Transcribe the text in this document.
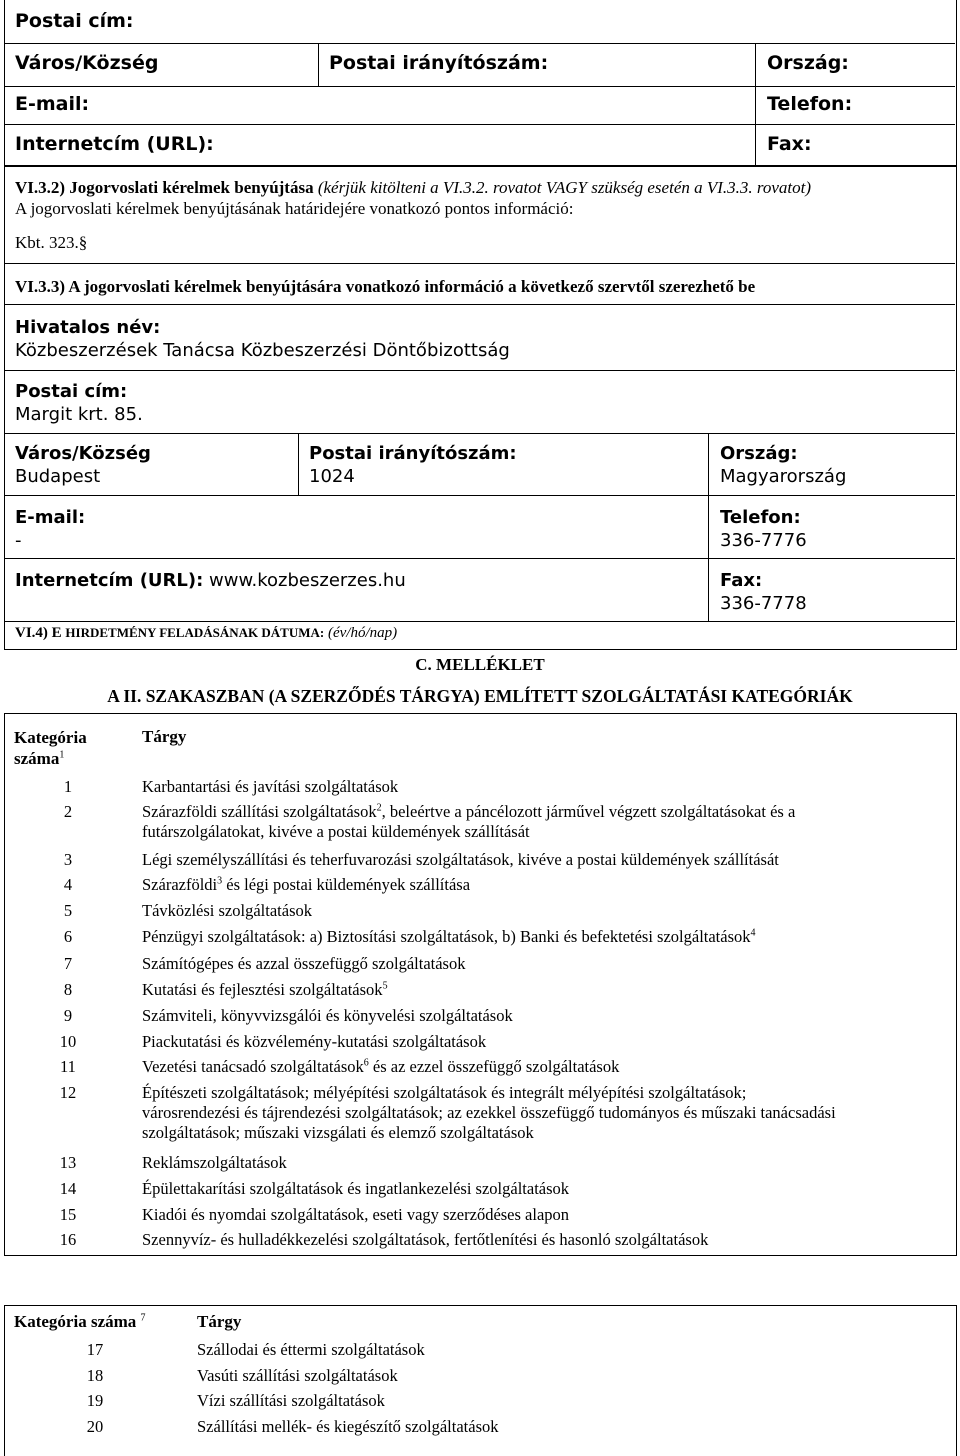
Postai cím:
Város/Község	Postai irányítószám:	Ország:
E-mail:	Telefon:
Internetcím (URL):	Fax:
VI.3.2) Jogorvoslati kérelmek benyújtása (kérjük kitölteni a VI.3.2. rovatot VAGY szükség esetén a VI.3.3. rovatot)
A jogorvoslati kérelmek benyújtásának határidejére vonatkozó pontos információ:
Kbt. 323.§
VI.3.3) A jogorvoslati kérelmek benyújtására vonatkozó információ a következő szervtől szerezhető be
Hivatalos név:
Közbeszerzések Tanácsa Közbeszerzési Döntőbizottság
Postai cím:
Margit krt. 85.
Város/Község
Budapest
Postai irányítószám:
1024
Ország:
Magyarország
E-mail:
-
Telefon:
336-7776
Internetcím (URL): www.kozbeszerzes.hu	Fax:
336-7778
VI.4) E HIRDETMÉNY FELADÁSÁNAK DÁTUMA: (év/hó/nap)
C. MELLÉKLET
A II. SZAKASZBAN (A SZERZŐDÉS TÁRGYA) EMLÍTETT SZOLGÁLTATÁSI KATEGÓRIÁK
Kategória
száma$^1$
Tárgy
1	Karbantartási és javítási szolgáltatások
2	Szárazföldi szállítási szolgáltatások$^2$, beleértve a páncélozott járművel végzett szolgáltatásokat és a
futárszolgálatokat, kivéve a postai küldemények szállítását
3	Légi személyszállítási és teherfuvarozási szolgáltatások, kivéve a postai küldemények szállítását
4	Szárazföldi$^3$ és légi postai küldemények szállítása
5	Távközlési szolgáltatások
6	Pénzügyi szolgáltatások: a) Biztosítási szolgáltatások, b) Banki és befektetési szolgáltatások$^4$
7	Számítógépes és azzal összefüggő szolgáltatások
8	Kutatási és fejlesztési szolgáltatások$^5$
9	Számviteli, könyvvizsgálói és könyvelési szolgáltatások
10	Piackutatási és közvélemény-kutatási szolgáltatások
11	Vezetési tanácsadó szolgáltatások$^6$ és az ezzel összefüggő szolgáltatások
12	Építészeti szolgáltatások; mélyépítési szolgáltatások és integrált mélyépítési szolgáltatások;
városrendezési és tájrendezési szolgáltatások; az ezekkel összefüggő tudományos és műszaki tanácsadási
szolgáltatások; műszaki vizsgálati és elemző szolgáltatások
13	Reklámszolgáltatások
14	Épülettakarítási szolgáltatások és ingatlankezelési szolgáltatások
15	Kiadói és nyomdai szolgáltatások, eseti vagy szerződéses alapon
16	Szennyvíz- és hulladékkezelési szolgáltatások, fertőtlenítési és hasonló szolgáltatások
Kategória száma $^7$	Tárgy
17	Szállodai és éttermi szolgáltatások
18	Vasúti szállítási szolgáltatások
19	Vízi szállítási szolgáltatások
20	Szállítási mellék- és kiegészítő szolgáltatások
